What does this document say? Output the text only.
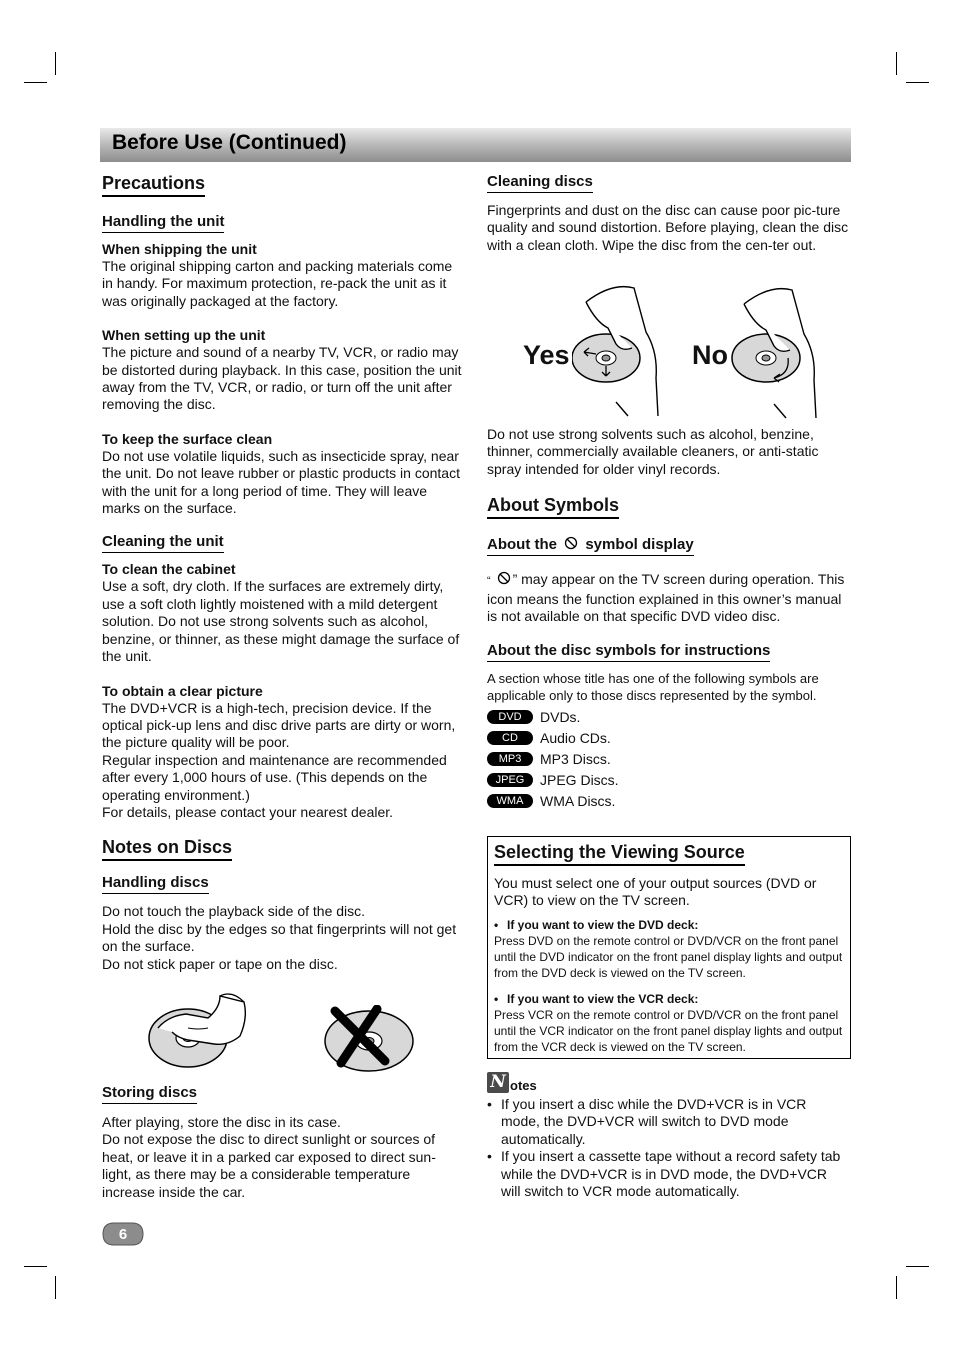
Before Use (Continued)
Precautions
Handling the unit
When shipping the unit
The original shipping carton and packing materials come in handy. For maximum protection, re-pack the unit as it was originally packaged at the factory.
When setting up the unit
The picture and sound of a nearby TV, VCR, or radio may be distorted during playback. In this case, position the unit away from the TV, VCR, or radio, or turn off the unit after removing the disc.
To keep the surface clean
Do not use volatile liquids, such as insecticide spray, near the unit. Do not leave rubber or plastic products in contact with the unit for a long period of time. They will leave marks on the surface.
Cleaning the unit
To clean the cabinet
Use a soft, dry cloth. If the surfaces are extremely dirty, use a soft cloth lightly moistened with a mild detergent solution. Do not use strong solvents such as alcohol, benzine, or thinner, as these might damage the surface of the unit.
To obtain a clear picture
The DVD+VCR is a high-tech, precision device. If the optical pick-up lens and disc drive parts are dirty or worn, the picture quality will be poor.
Regular inspection and maintenance are recommended after every 1,000 hours of use. (This depends on the operating environment.)
For details, please contact your nearest dealer.
Notes on Discs
Handling discs
Do not touch the playback side of the disc.
Hold the disc by the edges so that fingerprints will not get on the surface.
Do not stick paper or tape on the disc.
Storing discs
After playing, store the disc in its case.
Do not expose the disc to direct sunlight or sources of heat, or leave it in a parked car exposed to direct sun-light, as there may be a considerable temperature increase inside the car.
Cleaning discs
Fingerprints and dust on the disc can cause poor pic-ture quality and sound distortion. Before playing, clean the disc with a clean cloth. Wipe the disc from the cen-ter out.
Yes	No
Do not use strong solvents such as alcohol, benzine, thinner, commercially available cleaners, or anti-static spray intended for older vinyl records.
About Symbols
About the symbol display
“ ” may appear on the TV screen during operation. This icon means the function explained in this owner’s manual is not available on that specific DVD video disc.
About the disc symbols for instructions
A section whose title has one of the following symbols are applicable only to those discs represented by the symbol.
DVD	DVDs.
CD	Audio CDs.
MP3	MP3 Discs.
JPEG	JPEG Discs.
WMA	WMA Discs.
Selecting the Viewing Source
You must select one of your output sources (DVD or VCR) to view on the TV screen.
• If you want to view the DVD deck:
Press DVD on the remote control or DVD/VCR on the front panel until the DVD indicator on the front panel display lights and output from the DVD deck is viewed on the TV screen.
• If you want to view the VCR deck:
Press VCR on the remote control or DVD/VCR on the front panel until the VCR indicator on the front panel display lights and output from the VCR deck is viewed on the TV screen.
N otes
• If you insert a disc while the DVD+VCR is in VCR mode, the DVD+VCR will switch to DVD mode automatically.
• If you insert a cassette tape without a record safety tab while the DVD+VCR is in DVD mode, the DVD+VCR will switch to VCR mode automatically.
6
